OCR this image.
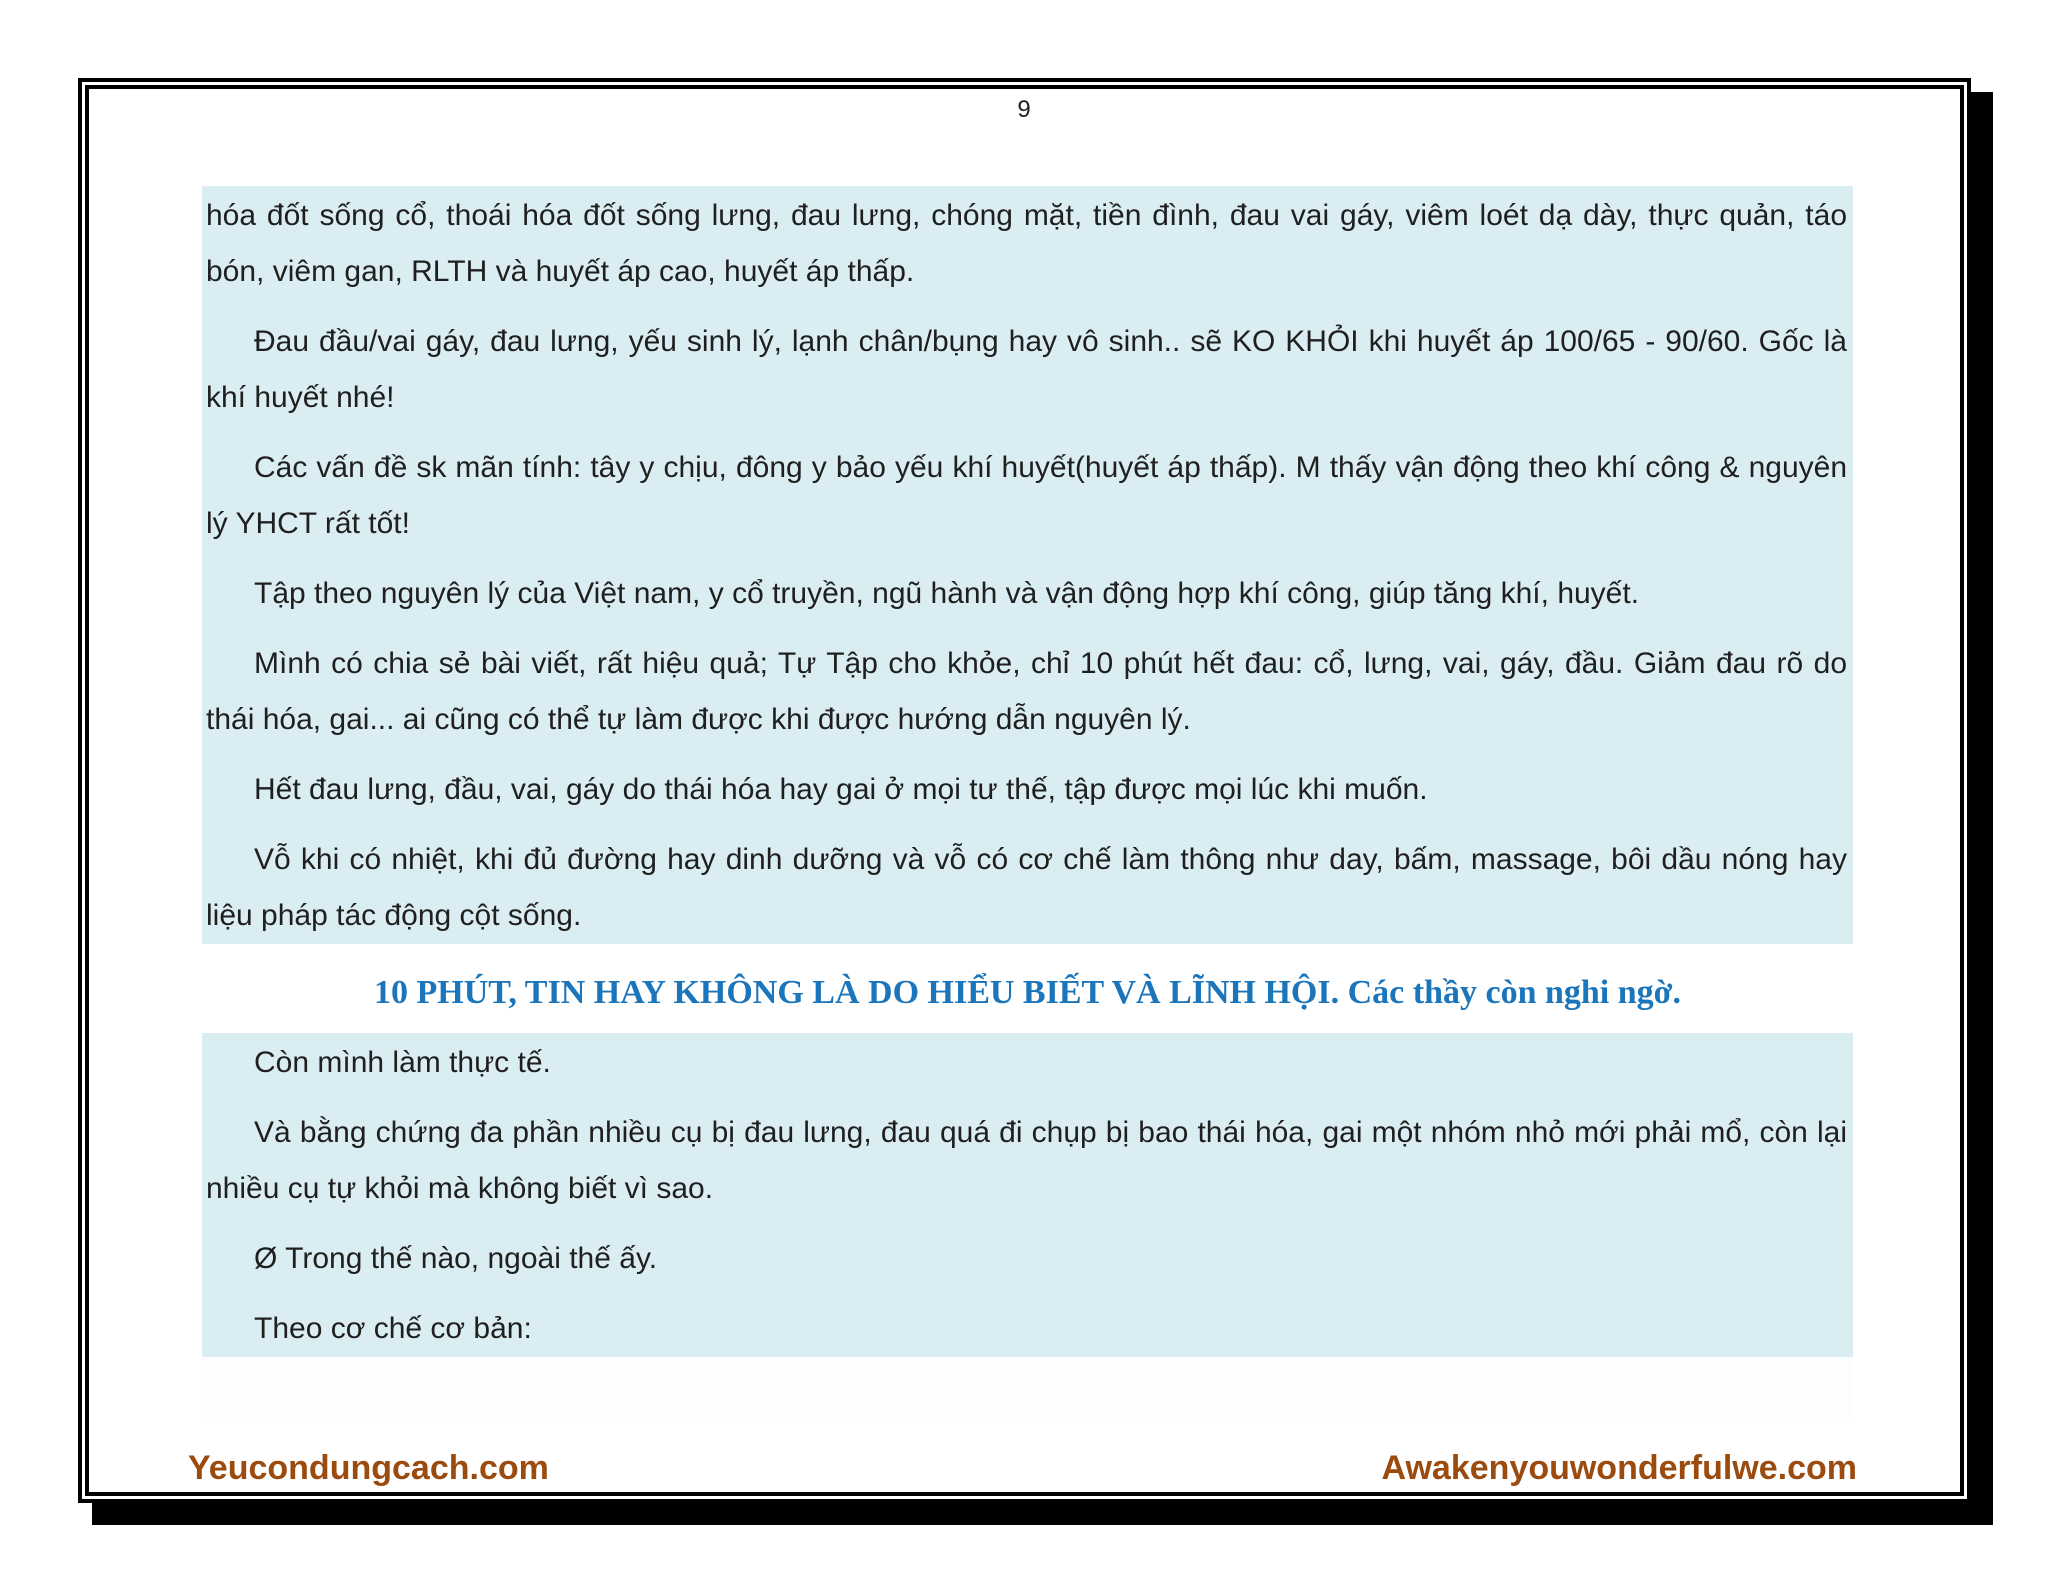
9

hóa đốt sống cổ, thoái hóa đốt sống lưng, đau lưng, chóng mặt, tiền đình, đau vai gáy, viêm loét dạ dày, thực quản, táo bón, viêm gan, RLTH và huyết áp cao, huyết áp thấp.

Đau đầu/vai gáy, đau lưng, yếu sinh lý, lạnh chân/bụng hay vô sinh.. sẽ KO KHỎI khi huyết áp 100/65 - 90/60. Gốc là khí huyết nhé!

Các vấn đề sk mãn tính: tây y chịu, đông y bảo yếu khí huyết(huyết áp thấp). M thấy vận động theo khí công & nguyên lý YHCT rất tốt!

Tập theo nguyên lý của Việt nam, y cổ truyền, ngũ hành và vận động hợp khí công, giúp tăng khí, huyết.

Mình có chia sẻ bài viết, rất hiệu quả; Tự Tập cho khỏe, chỉ 10 phút hết đau: cổ, lưng, vai, gáy, đầu. Giảm đau rõ do thái hóa, gai... ai cũng có thể tự làm được khi được hướng dẫn nguyên lý.

Hết đau lưng, đầu, vai, gáy do thái hóa hay gai ở mọi tư thế, tập được mọi lúc khi muốn.

Vỗ khi có nhiệt, khi đủ đường hay dinh dưỡng và vỗ có cơ chế làm thông như day, bấm, massage, bôi dầu nóng hay liệu pháp tác động cột sống.

10 PHÚT, TIN HAY KHÔNG LÀ DO HIỂU BIẾT VÀ LĨNH HỘI. Các thầy còn nghi ngờ.

Còn mình làm thực tế.

Và bằng chứng đa phần nhiều cụ bị đau lưng, đau quá đi chụp bị bao thái hóa, gai một nhóm nhỏ mới phải mổ, còn lại nhiều cụ tự khỏi mà không biết vì sao.

Ø Trong thế nào, ngoài thế ấy.

Theo cơ chế cơ bản:

Yeucondungcach.com	Awakenyouwonderfulwe.com
